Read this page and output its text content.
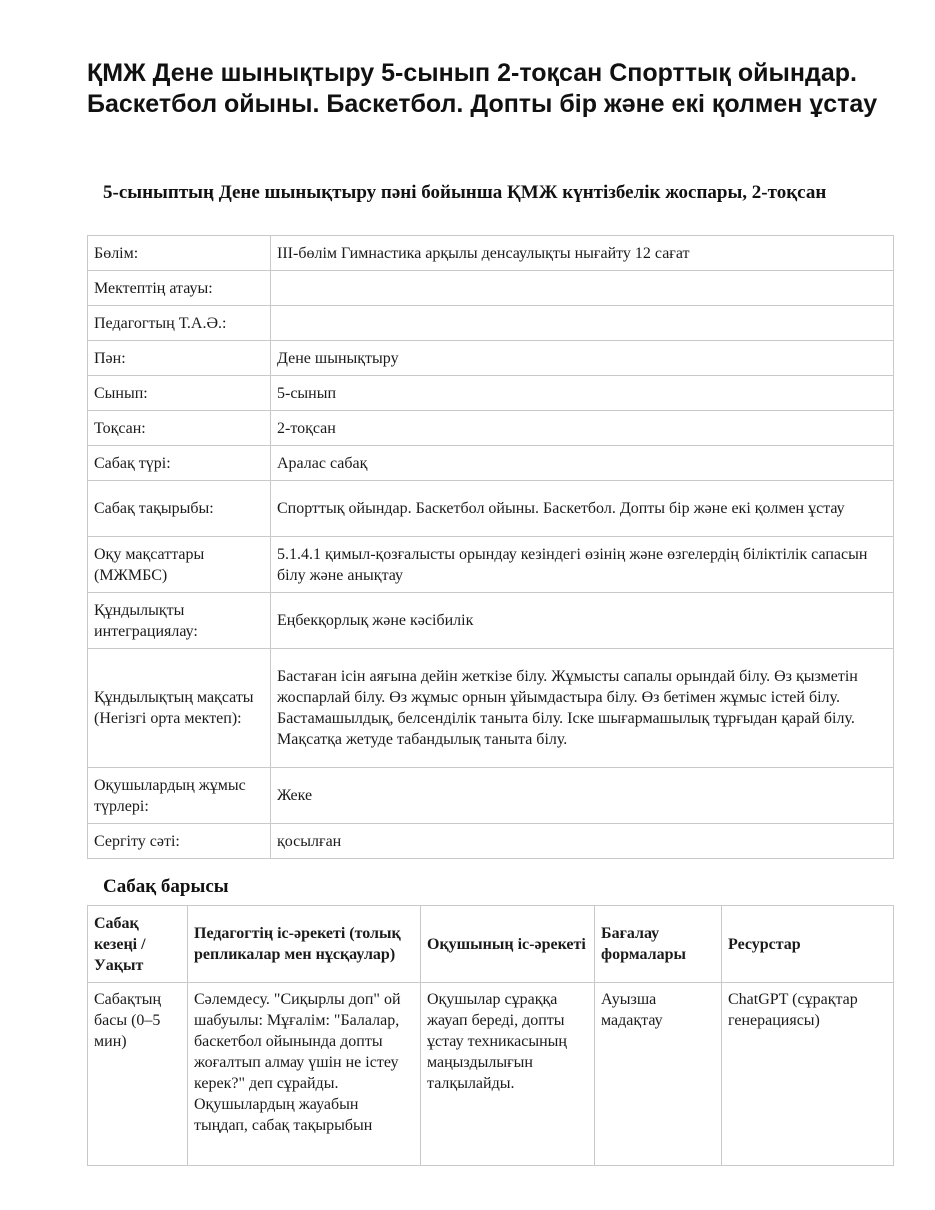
ҚМЖ Дене шынықтыру 5-сынып 2-тоқсан Спорттық ойындар. Баскетбол ойыны. Баскетбол. Допты бір және екі қолмен ұстау
5-сыныптың Дене шынықтыру пәні бойынша ҚМЖ күнтізбелік жоспары, 2-тоқсан
Бөлім:	ІІІ-бөлім Гимнастика арқылы денсаулықты нығайту 12 сағат
Мектептің атауы:	
Педагогтың Т.А.Ә.:	
Пән:	Дене шынықтыру
Сынып:	5-сынып
Тоқсан:	2-тоқсан
Сабақ түрі:	Аралас сабақ
Сабақ тақырыбы:	Спорттық ойындар. Баскетбол ойыны. Баскетбол. Допты бір және екі қолмен ұстау
Оқу мақсаттары (МЖМБС)	5.1.4.1 қимыл-қозғалысты орындау кезіндегі өзінің және өзгелердің біліктілік сапасын білу және анықтау
Құндылықты интеграциялау:	Еңбекқорлық және кәсібилік
Құндылықтың мақсаты (Негізгі орта мектеп):	Бастаған ісін аяғына дейін жеткізе білу. Жұмысты сапалы орындай білу. Өз қызметін жоспарлай білу. Өз жұмыс орнын ұйымдастыра білу. Өз бетімен жұмыс істей білу. Бастамашылдық, белсенділік таныта білу. Іске шығармашылық тұрғыдан қарай білу. Мақсатқа жетуде табандылық таныта білу.
Оқушылардың жұмыс түрлері:	Жеке
Сергіту сәті:	қосылған
Сабақ барысы
Сабақ кезеңі / Уақыт	Педагогтің іс-әрекеті (толық репликалар мен нұсқаулар)	Оқушының іс-әрекеті	Бағалау формалары	Ресурстар
Сабақтың басы (0–5 мин)	Сәлемдесу. "Сиқырлы доп" ой шабуылы: Мұғалім: "Балалар, баскетбол ойынында допты жоғалтып алмау үшін не істеу керек?" деп сұрайды. Оқушылардың жауабын тыңдап, сабақ тақырыбын	Оқушылар сұраққа жауап береді, допты ұстау техникасының маңыздылығын талқылайды.	Ауызша мадақтау	ChatGPT (сұрақтар генерациясы)
